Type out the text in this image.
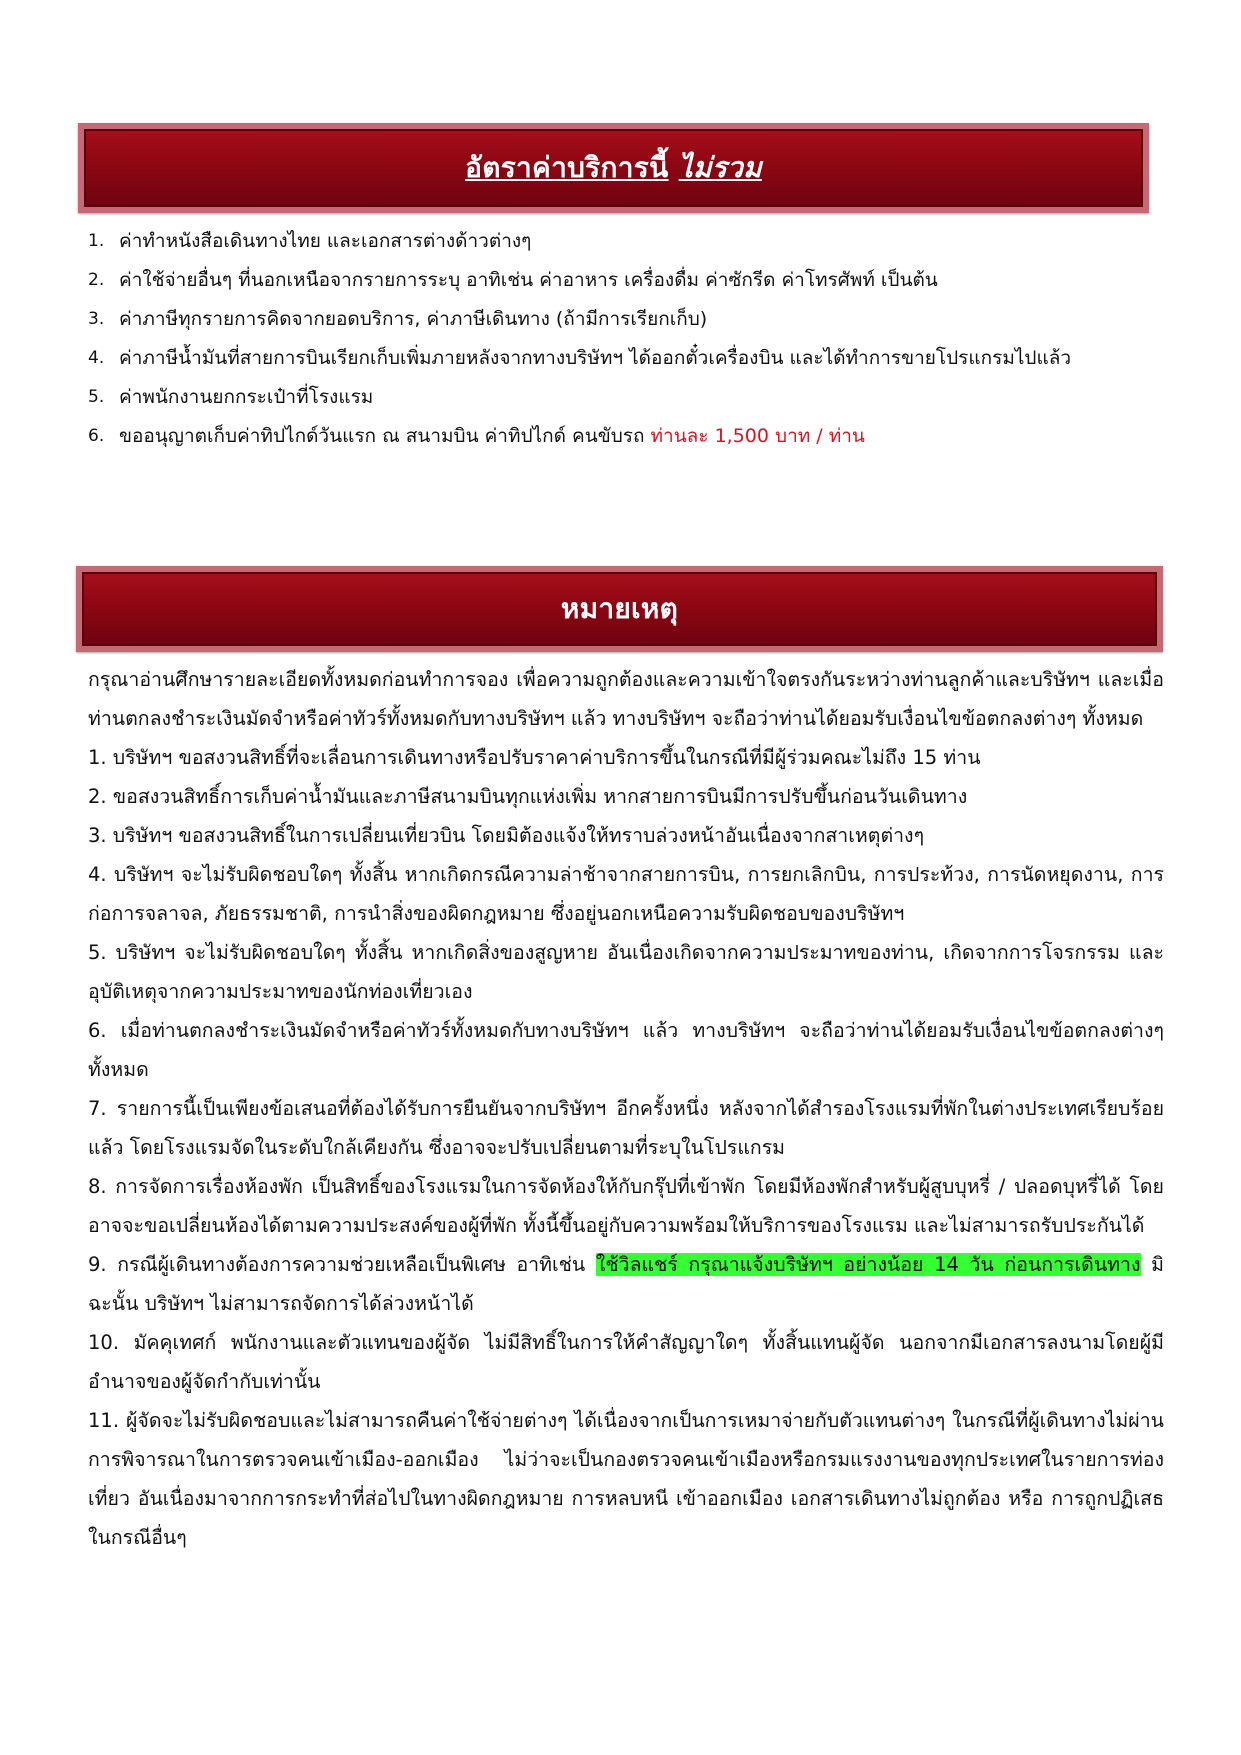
อัตราค่าบริการนี้ ไม่รวม
1. ค่าทำหนังสือเดินทางไทย และเอกสารต่างด้าวต่างๆ
2. ค่าใช้จ่ายอื่นๆ ที่นอกเหนือจากรายการระบุ อาทิเช่น ค่าอาหาร เครื่องดื่ม ค่าซักรีด ค่าโทรศัพท์ เป็นต้น
3. ค่าภาษีทุกรายการคิดจากยอดบริการ, ค่าภาษีเดินทาง (ถ้ามีการเรียกเก็บ)
4. ค่าภาษีน้ำมันที่สายการบินเรียกเก็บเพิ่มภายหลังจากทางบริษัทฯ ได้ออกตั๋วเครื่องบิน และได้ทำการขายโปรแกรมไปแล้ว
5. ค่าพนักงานยกกระเป๋าที่โรงแรม
6. ขออนุญาตเก็บค่าทิปไกด์วันแรก ณ สนามบิน ค่าทิปไกด์ คนขับรถ ท่านละ 1,500 บาท / ท่าน
หมายเหตุ

กรุณาอ่านศึกษารายละเอียดทั้งหมดก่อนทำการจอง เพื่อความถูกต้องและความเข้าใจตรงกันระหว่างท่านลูกค้าและบริษัทฯ และเมื่อท่านตกลงชำระเงินมัดจำหรือค่าทัวร์ทั้งหมดกับทางบริษัทฯ แล้ว ทางบริษัทฯ จะถือว่าท่านได้ยอมรับเงื่อนไขข้อตกลงต่างๆ ทั้งหมด

1. บริษัทฯ ขอสงวนสิทธิ์ที่จะเลื่อนการเดินทางหรือปรับราคาค่าบริการขึ้นในกรณีที่มีผู้ร่วมคณะไม่ถึง 15 ท่าน

2. ขอสงวนสิทธิ์การเก็บค่าน้ำมันและภาษีสนามบินทุกแห่งเพิ่ม หากสายการบินมีการปรับขึ้นก่อนวันเดินทาง

3. บริษัทฯ ขอสงวนสิทธิ์ในการเปลี่ยนเที่ยวบิน โดยมิต้องแจ้งให้ทราบล่วงหน้าอันเนื่องจากสาเหตุต่างๆ

4. บริษัทฯ จะไม่รับผิดชอบใดๆ ทั้งสิ้น หากเกิดกรณีความล่าช้าจากสายการบิน, การยกเลิกบิน, การประท้วง, การนัดหยุดงาน, การก่อการจลาจล, ภัยธรรมชาติ, การนำสิ่งของผิดกฎหมาย ซึ่งอยู่นอกเหนือความรับผิดชอบของบริษัทฯ

5. บริษัทฯ จะไม่รับผิดชอบใดๆ ทั้งสิ้น หากเกิดสิ่งของสูญหาย อันเนื่องเกิดจากความประมาทของท่าน, เกิดจากการโจรกรรม และ อุบัติเหตุจากความประมาทของนักท่องเที่ยวเอง

6. เมื่อท่านตกลงชำระเงินมัดจำหรือค่าทัวร์ทั้งหมดกับทางบริษัทฯ แล้ว ทางบริษัทฯ จะถือว่าท่านได้ยอมรับเงื่อนไขข้อตกลงต่างๆ ทั้งหมด

7. รายการนี้เป็นเพียงข้อเสนอที่ต้องได้รับการยืนยันจากบริษัทฯ อีกครั้งหนึ่ง หลังจากได้สำรองโรงแรมที่พักในต่างประเทศเรียบร้อยแล้ว โดยโรงแรมจัดในระดับใกล้เคียงกัน ซึ่งอาจจะปรับเปลี่ยนตามที่ระบุในโปรแกรม

8. การจัดการเรื่องห้องพัก เป็นสิทธิ์ของโรงแรมในการจัดห้องให้กับกรุ๊ปที่เข้าพัก โดยมีห้องพักสำหรับผู้สูบบุหรี่ / ปลอดบุหรี่ได้ โดยอาจจะขอเปลี่ยนห้องได้ตามความประสงค์ของผู้ที่พัก ทั้งนี้ขึ้นอยู่กับความพร้อมให้บริการของโรงแรม และไม่สามารถรับประกันได้

9. กรณีผู้เดินทางต้องการความช่วยเหลือเป็นพิเศษ อาทิเช่น ใช้วิลแชร์ กรุณาแจ้งบริษัทฯ อย่างน้อย 14 วัน ก่อนการเดินทาง มิฉะนั้น บริษัทฯ ไม่สามารถจัดการได้ล่วงหน้าได้

10. มัคคุเทศก์ พนักงานและตัวแทนของผู้จัด ไม่มีสิทธิ์ในการให้คำสัญญาใดๆ ทั้งสิ้นแทนผู้จัด นอกจากมีเอกสารลงนามโดยผู้มีอำนาจของผู้จัดกำกับเท่านั้น

11. ผู้จัดจะไม่รับผิดชอบและไม่สามารถคืนค่าใช้จ่ายต่างๆ ได้เนื่องจากเป็นการเหมาจ่ายกับตัวแทนต่างๆ ในกรณีที่ผู้เดินทางไม่ผ่านการพิจารณาในการตรวจคนเข้าเมือง-ออกเมือง ไม่ว่าจะเป็นกองตรวจคนเข้าเมืองหรือกรมแรงงานของทุกประเทศในรายการท่องเที่ยว อันเนื่องมาจากการกระทำที่ส่อไปในทางผิดกฎหมาย การหลบหนี เข้าออกเมือง เอกสารเดินทางไม่ถูกต้อง หรือ การถูกปฏิเสธในกรณีอื่นๆ
